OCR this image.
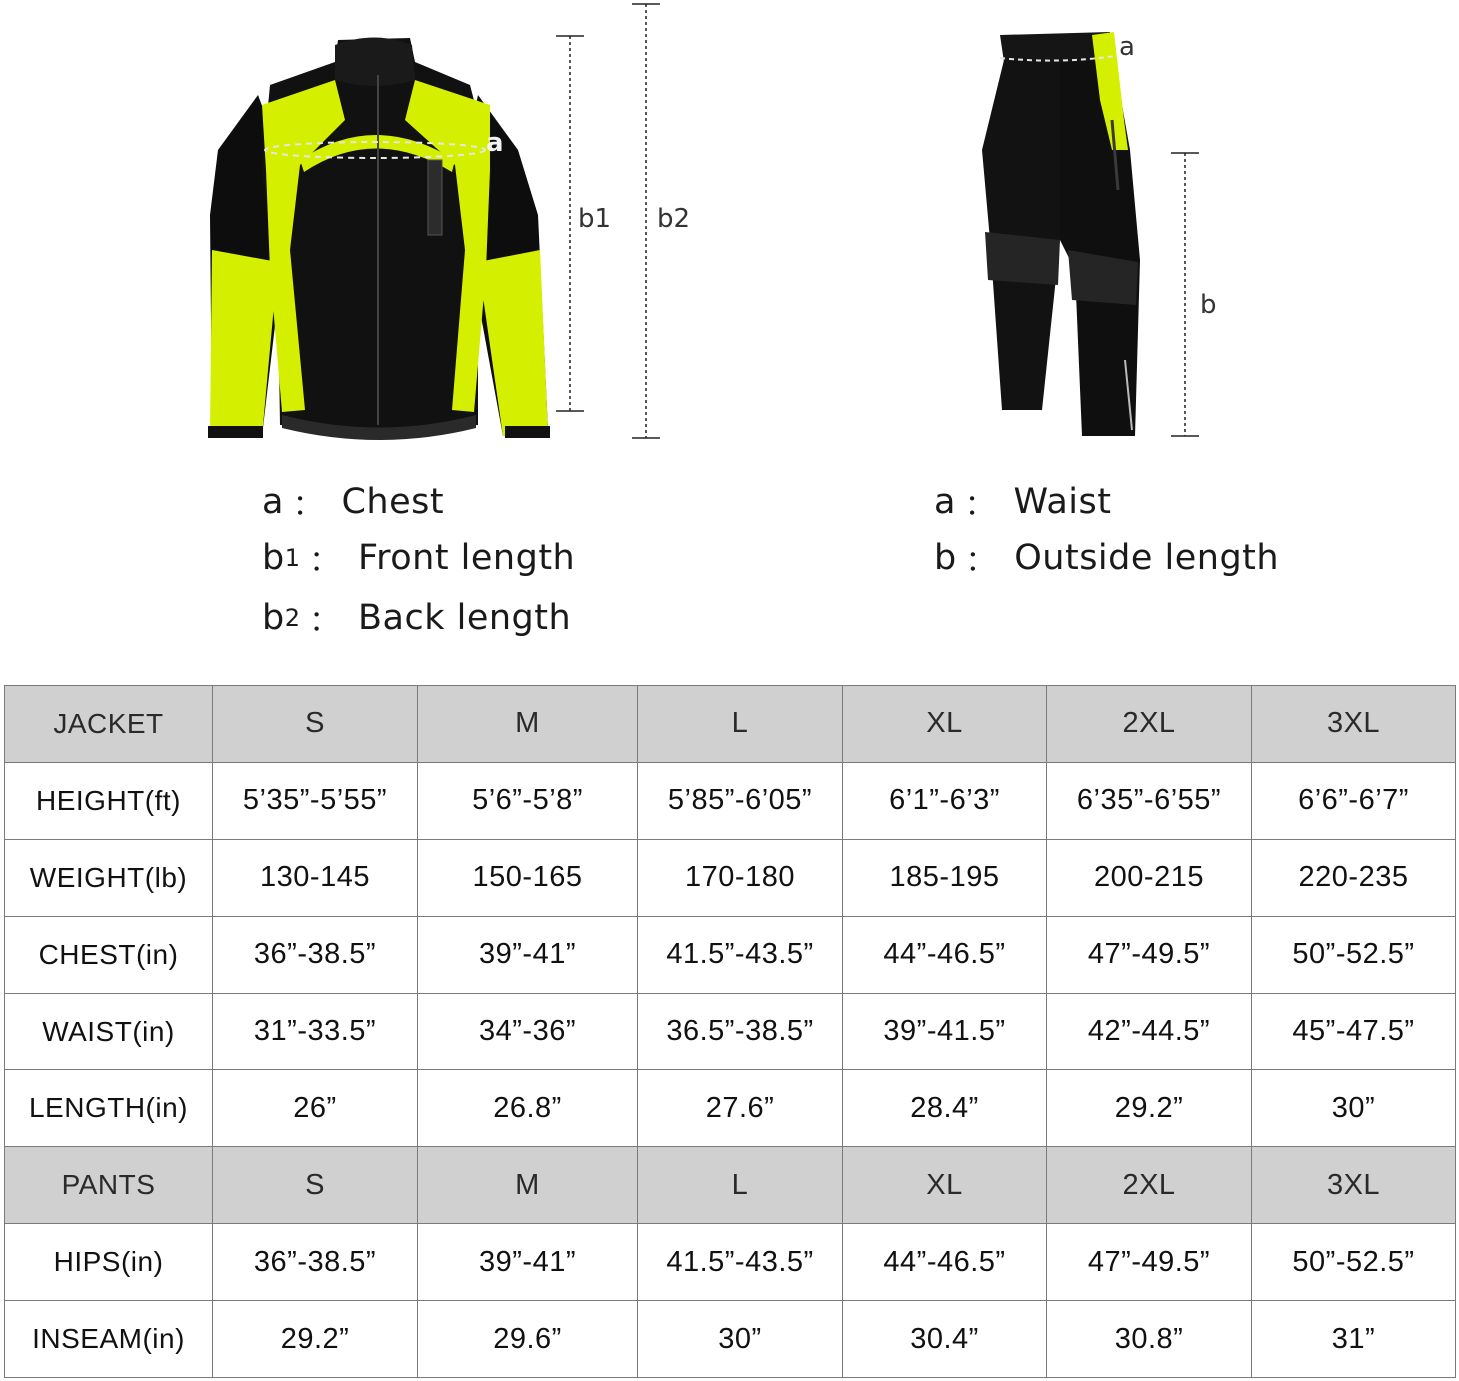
a
b1 b2
a
b
a ： Chest
b 1 ： Front length
b 2 ： Back length
a ： Waist
b ： Outside length
JACKET	S	M	L	XL	2XL	3XL
HEIGHT(ft)	5’35”-5’55”	5’6”-5’8”	5’85”-6’05”	6’1”-6’3”	6’35”-6’55”	6’6”-6’7”
WEIGHT(lb)	130-145	150-165	170-180	185-195	200-215	220-235
CHEST(in)	36”-38.5”	39”-41”	41.5”-43.5”	44”-46.5”	47”-49.5”	50”-52.5”
WAIST(in)	31”-33.5”	34”-36”	36.5”-38.5”	39”-41.5”	42”-44.5”	45”-47.5”
LENGTH(in)	26”	26.8”	27.6”	28.4”	29.2”	30”
PANTS	S	M	L	XL	2XL	3XL
HIPS(in)	36”-38.5”	39”-41”	41.5”-43.5”	44”-46.5”	47”-49.5”	50”-52.5”
INSEAM(in)	29.2”	29.6”	30”	30.4”	30.8”	31”
